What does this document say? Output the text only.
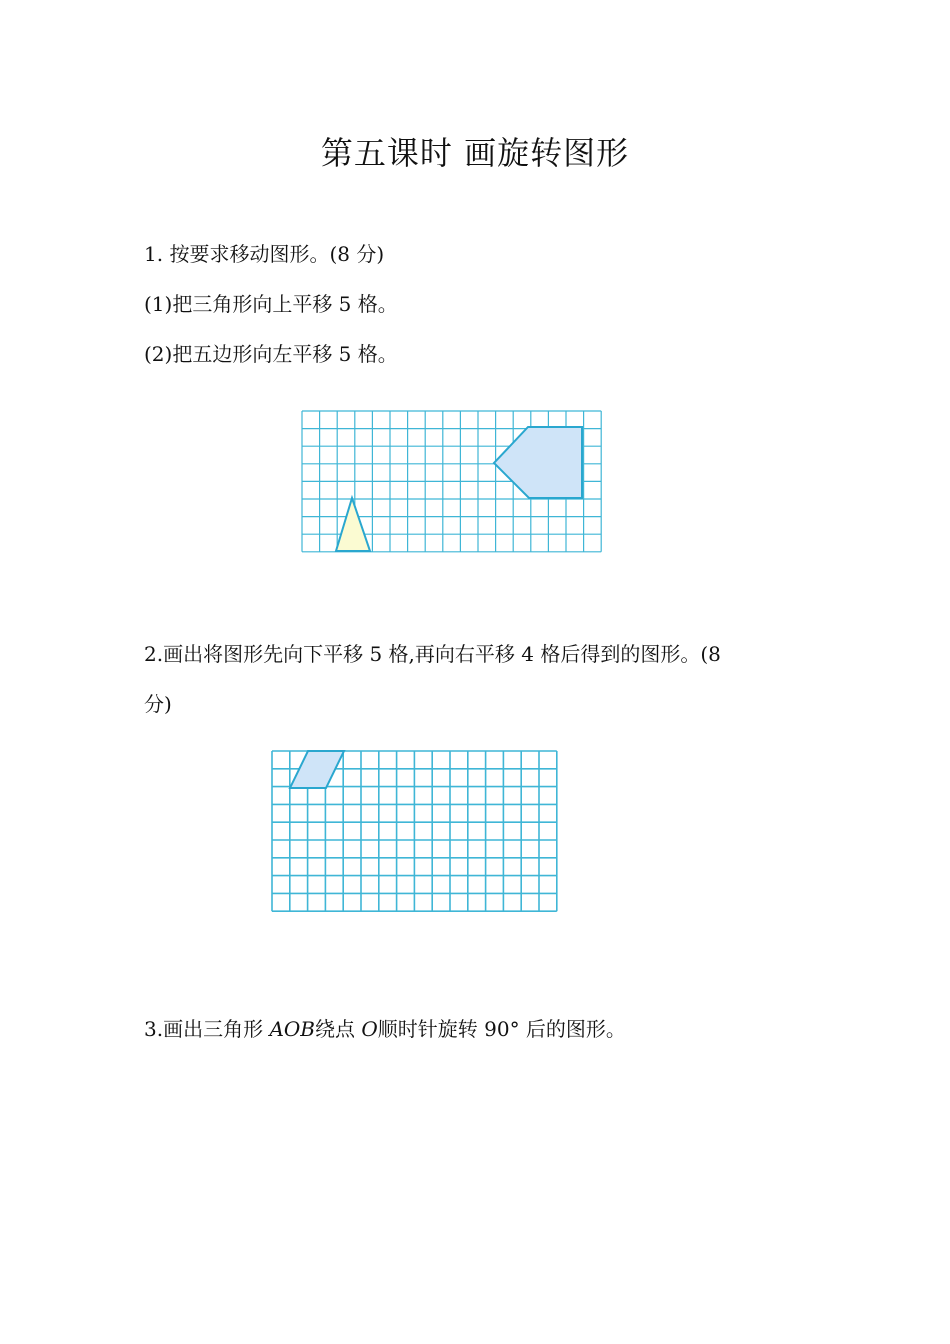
第五课时 画旋转图形
1. 按要求移动图形。(8 分)
(1)把三角形向上平移 5 格。
(2)把五边形向左平移 5 格。
2.画出将图形先向下平移 5 格,再向右平移 4 格后得到的图形。(8
分)
3.画出三角形 AOB绕点 O顺时针旋转 90° 后的图形。
